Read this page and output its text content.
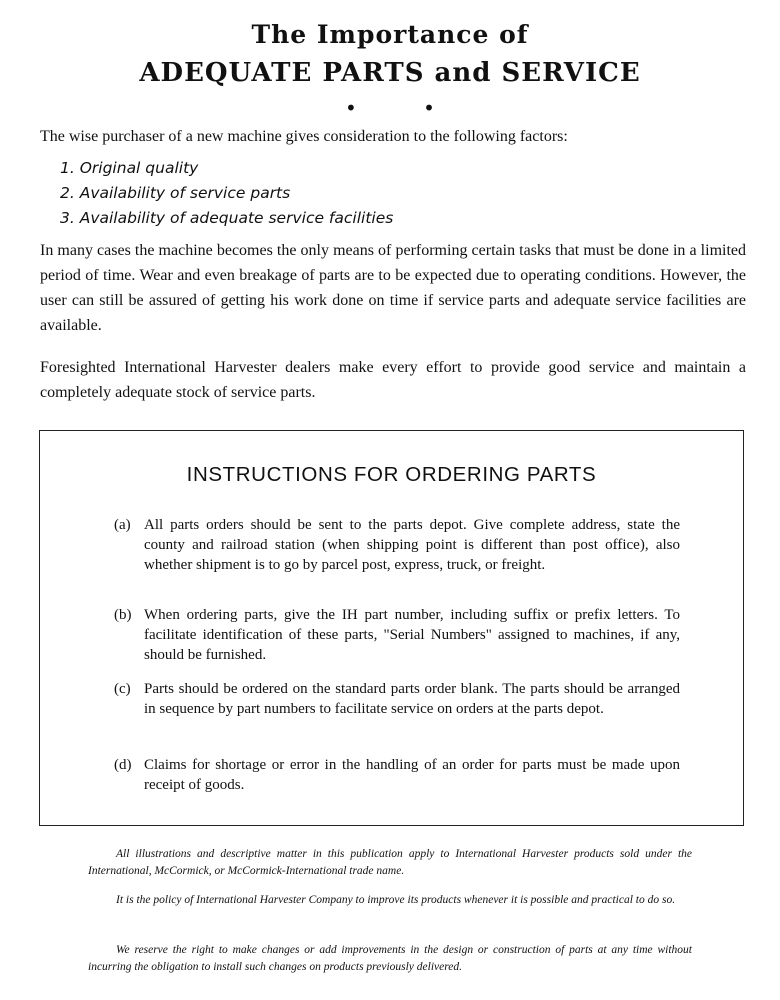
The Importance of
ADEQUATE PARTS and SERVICE
• •
The wise purchaser of a new machine gives consideration to the following factors:
1. Original quality
2. Availability of service parts
3. Availability of adequate service facilities
In many cases the machine becomes the only means of performing certain tasks that must be done in a limited period of time. Wear and even breakage of parts are to be expected due to operating conditions. However, the user can still be assured of getting his work done on time if service parts and adequate service facilities are available.
Foresighted International Harvester dealers make every effort to provide good service and maintain a completely adequate stock of service parts.
INSTRUCTIONS FOR ORDERING PARTS
(a) All parts orders should be sent to the parts depot. Give complete address, state the county and railroad station (when shipping point is different than post office), also whether shipment is to go by parcel post, express, truck, or freight.
(b) When ordering parts, give the IH part number, including suffix or prefix letters. To facilitate identification of these parts, "Serial Numbers" assigned to machines, if any, should be furnished.
(c) Parts should be ordered on the standard parts order blank. The parts should be arranged in sequence by part numbers to facilitate service on orders at the parts depot.
(d) Claims for shortage or error in the handling of an order for parts must be made upon receipt of goods.
All illustrations and descriptive matter in this publication apply to International Harvester products sold under the International, McCormick, or McCormick-International trade name.
It is the policy of International Harvester Company to improve its products whenever it is possible and practical to do so.
We reserve the right to make changes or add improvements in the design or construction of parts at any time without incurring the obligation to install such changes on products previously delivered.
